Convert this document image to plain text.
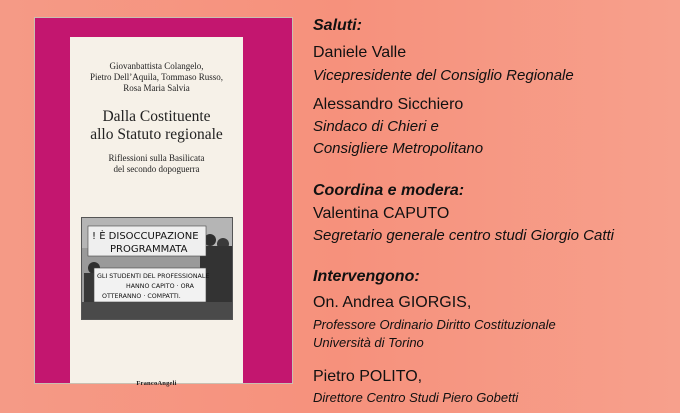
Giovanbattista Colangelo,
Pietro Dell’Aquila, Tommaso Russo,
Rosa Maria Salvia
Dalla Costituente
allo Statuto regionale
Riflessioni sulla Basilicata
del secondo dopoguerra
! È DISOCCUPAZIONE
PROGRAMMATA
GLI STUDENTI DEL PROFESSIONALE
HANNO CAPITO · ORA
OTTERANNO · COMPATTI.
FrancoAngeli
Saluti:
Daniele Valle
Vicepresidente del Consiglio Regionale
Alessandro Sicchiero
Sindaco di Chieri e
Consigliere Metropolitano
Coordina e modera:
Valentina CAPUTO
Segretario generale centro studi Giorgio Catti
Intervengono:
On. Andrea GIORGIS,
Professore Ordinario Diritto Costituzionale
Università di Torino
Pietro POLITO,
Direttore Centro Studi Piero Gobetti
